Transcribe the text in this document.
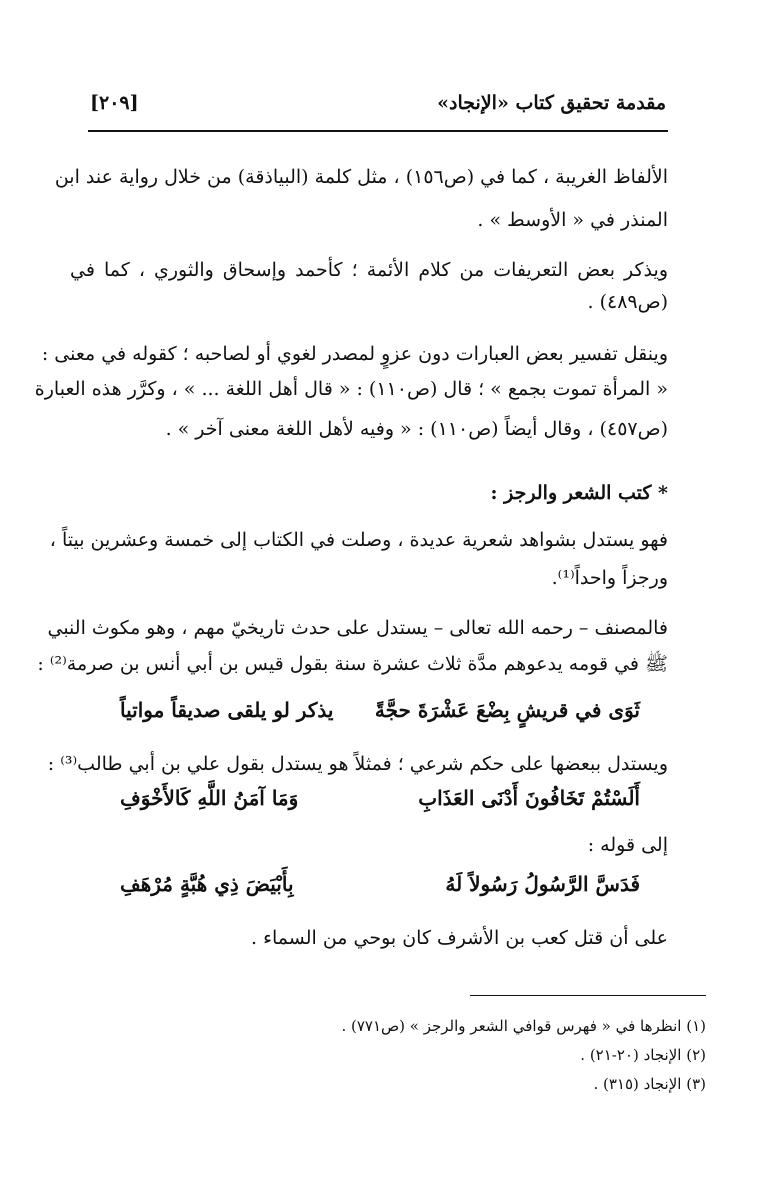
مقدمة تحقيق كتاب «الإنجاد»
[٢٠٩]
الألفاظ الغريبة ، كما في (ص١٥٦) ، مثل كلمة (البياذقة) من خلال رواية عند ابن
المنذر في « الأوسط » .
ويذكر بعض التعريفات من كلام الأئمة ؛ كأحمد وإسحاق والثوري ، كما في
(ص٤٨٩) .
وينقل تفسير بعض العبارات دون عزوٍ لمصدر لغوي أو لصاحبه ؛ كقوله في معنى :
« المرأة تموت بجمع » ؛ قال (ص١١٠) : « قال أهل اللغة ... » ، وكرَّر هذه العبارة
(ص٤٥٧) ، وقال أيضاً (ص١١٠) : « وفيه لأهل اللغة معنى آخر » .
* كتب الشعر والرجز :
فهو يستدل بشواهد شعرية عديدة ، وصلت في الكتاب إلى خمسة وعشرين بيتاً ،
ورجزاً واحداً⁽¹⁾.
فالمصنف – رحمه الله تعالى – يستدل على حدث تاريخيّ مهم ، وهو مكوث النبي
ﷺ في قومه يدعوهم مدَّة ثلاث عشرة سنة بقول قيس بن أبي أنس بن صرمة⁽²⁾ :
ثَوَى في قريشٍ بِضْعَ عَشْرَةَ حجَّةً
يذكر لو يلقى صديقاً مواتياً
ويستدل ببعضها على حكم شرعي ؛ فمثلاً هو يستدل بقول علي بن أبي طالب⁽³⁾ :
أَلَسْتُمْ تَخَافُونَ أَدْنَى العَذَابِ
وَمَا آمَنُ اللَّهِ كَالأَخْوَفِ
إلى قوله :
فَدَسَّ الرَّسُولُ رَسُولاً لَهُ
بِأَبْيَضَ ذِي هُبَّةٍ مُرْهَفِ
على أن قتل كعب بن الأشرف كان بوحي من السماء .
(١) انظرها في « فهرس قوافي الشعر والرجز » (ص٧٧١) .
(٢) الإنجاد (٢٠-٢١) .
(٣) الإنجاد (٣١٥) .
